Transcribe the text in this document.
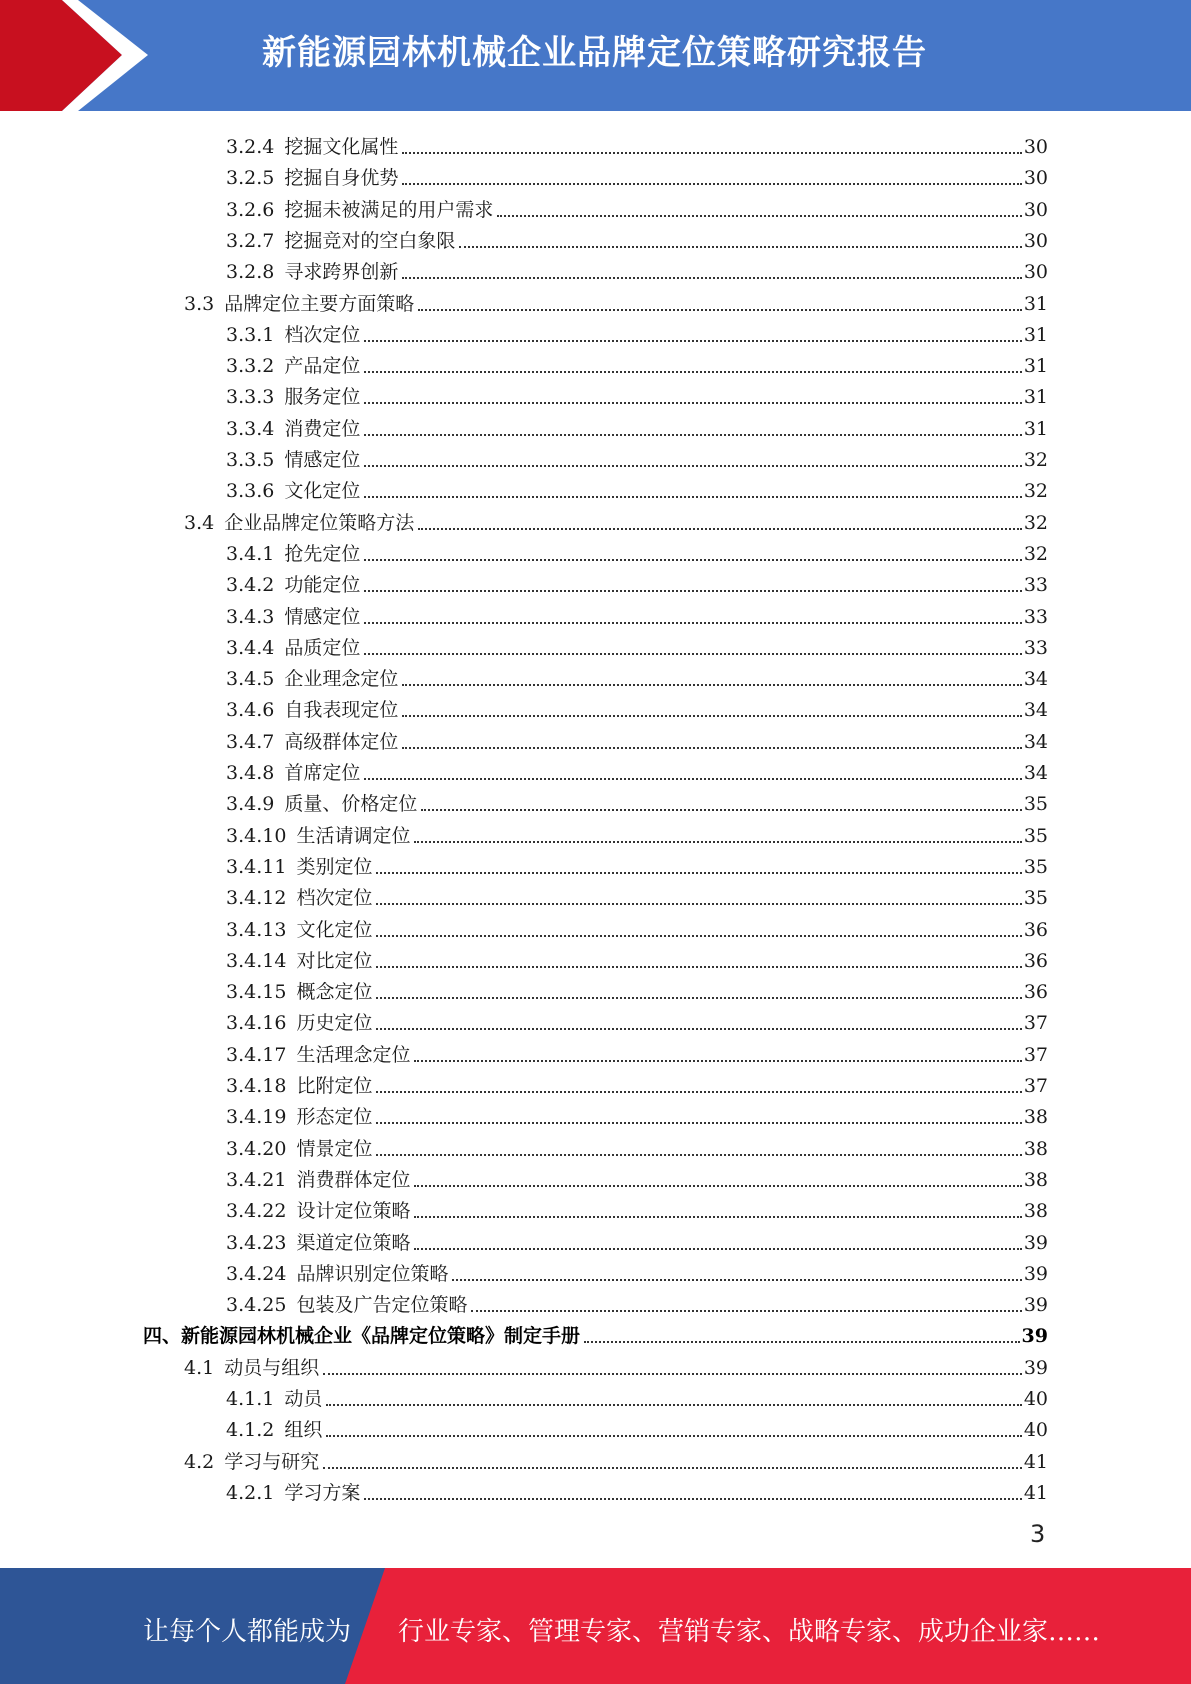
新能源园林机械企业品牌定位策略研究报告
3.2.4 挖掘文化属性	30
3.2.5 挖掘自身优势	30
3.2.6 挖掘未被满足的用户需求	30
3.2.7 挖掘竞对的空白象限	30
3.2.8 寻求跨界创新	30
3.3 品牌定位主要方面策略	31
3.3.1 档次定位	31
3.3.2 产品定位	31
3.3.3 服务定位	31
3.3.4 消费定位	31
3.3.5 情感定位	32
3.3.6 文化定位	32
3.4 企业品牌定位策略方法	32
3.4.1 抢先定位	32
3.4.2 功能定位	33
3.4.3 情感定位	33
3.4.4 品质定位	33
3.4.5 企业理念定位	34
3.4.6 自我表现定位	34
3.4.7 高级群体定位	34
3.4.8 首席定位	34
3.4.9 质量、价格定位	35
3.4.10 生活请调定位	35
3.4.11 类别定位	35
3.4.12 档次定位	35
3.4.13 文化定位	36
3.4.14 对比定位	36
3.4.15 概念定位	36
3.4.16 历史定位	37
3.4.17 生活理念定位	37
3.4.18 比附定位	37
3.4.19 形态定位	38
3.4.20 情景定位	38
3.4.21 消费群体定位	38
3.4.22 设计定位策略	38
3.4.23 渠道定位策略	39
3.4.24 品牌识别定位策略	39
3.4.25 包装及广告定位策略	39
四、新能源园林机械企业《品牌定位策略》制定手册	39
4.1 动员与组织	39
4.1.1 动员	40
4.1.2 组织	40
4.2 学习与研究	41
4.2.1 学习方案	41
3
让每个人都能成为 行业专家、管理专家、营销专家、战略专家、成功企业家……
